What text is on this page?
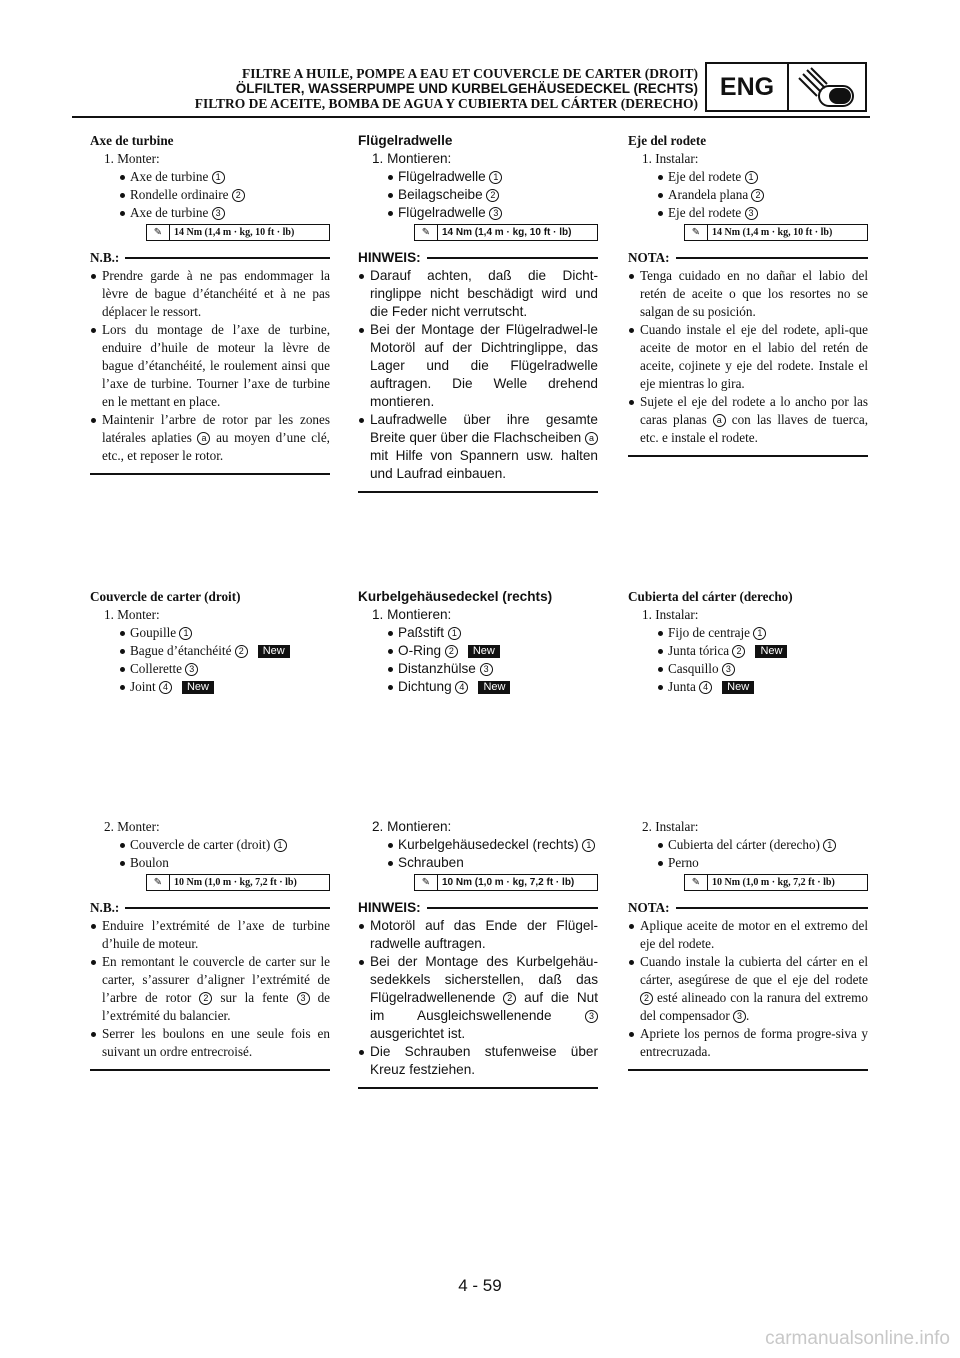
FILTRE A HUILE, POMPE A EAU ET COUVERCLE DE CARTER (DROIT)
ÖLFILTER, WASSERPUMPE UND KURBELGEHÄUSEDECKEL (RECHTS)
FILTRO DE ACEITE, BOMBA DE AGUA Y CUBIERTA DEL CÁRTER (DERECHO)
ENG
Axe de turbine
1. Monter:
Axe de turbine 1
Rondelle ordinaire 2
Axe de turbine 3
✎	14 Nm (1,4 m · kg, 10 ft · lb)
N.B.:
Prendre garde à ne pas endommager la lèvre de bague d’étanchéité et à ne pas déplacer le ressort.
Lors du montage de l’axe de turbine, enduire d’huile de moteur la lèvre de bague d’étanchéité, le roulement ainsi que l’axe de turbine. Tourner l’axe de turbine en le mettant en place.
Maintenir l’arbre de rotor par les zones latérales aplaties a au moyen d’une clé, etc., et reposer le rotor.
Couvercle de carter (droit)
1. Monter:
Goupille 1
Bague d’étanchéité 2 New
Collerette 3
Joint 4 New
2. Monter:
Couvercle de carter (droit) 1
Boulon
✎	10 Nm (1,0 m · kg, 7,2 ft · lb)
N.B.:
Enduire l’extrémité de l’axe de turbine d’huile de moteur.
En remontant le couvercle de carter sur le carter, s’assurer d’aligner l’extrémité de l’arbre de rotor 2 sur la fente 3 de l’extrémité du balancier.
Serrer les boulons en une seule fois en suivant un ordre entrecroisé.
Flügelradwelle
1. Montieren:
Flügelradwelle 1
Beilagscheibe 2
Flügelradwelle 3
✎	14 Nm (1,4 m · kg, 10 ft · lb)
HINWEIS:
Darauf achten, daß die Dicht-ringlippe nicht beschädigt wird und die Feder nicht verrutscht.
Bei der Montage der Flügelradwel-le Motoröl auf der Dichtringlippe, das Lager und die Flügelradwelle auftragen. Die Welle drehend montieren.
Laufradwelle über ihre gesamte Breite quer über die Flachscheiben a mit Hilfe von Spannern usw. halten und Laufrad einbauen.
Kurbelgehäusedeckel (rechts)
1. Montieren:
Paßstift 1
O-Ring 2 New
Distanzhülse 3
Dichtung 4 New
2. Montieren:
Kurbelgehäusedeckel (rechts) 1
Schrauben
✎	10 Nm (1,0 m · kg, 7,2 ft · lb)
HINWEIS:
Motoröl auf das Ende der Flügel-radwelle auftragen.
Bei der Montage des Kurbelgehäu-sedekkels sicherstellen, daß das Flügelradwellenende 2 auf die Nut im Ausgleichswellenende	3 ausgerichtet ist.
Die Schrauben stufenweise über Kreuz festziehen.
Eje del rodete
1. Instalar:
Eje del rodete 1
Arandela plana 2
Eje del rodete 3
✎	14 Nm (1,4 m · kg, 10 ft · lb)
NOTA:
Tenga cuidado en no dañar el labio del retén de aceite o que los resortes no se salgan de su posición.
Cuando instale el eje del rodete, apli-que aceite de motor en el labio del retén de aceite, cojinete y eje del rodete. Instale el eje mientras lo gira.
Sujete el eje del rodete a lo ancho por las caras planas a con las llaves de tuerca, etc. e instale el rodete.
Cubierta del cárter (derecho)
1. Instalar:
Fijo de centraje 1
Junta tórica 2 New
Casquillo 3
Junta 4 New
2. Instalar:
Cubierta del cárter (derecho) 1
Perno
✎	10 Nm (1,0 m · kg, 7,2 ft · lb)
NOTA:
Aplique aceite de motor en el extremo del eje del rodete.
Cuando instale la cubierta del cárter en el cárter, asegúrese de que el eje del rodete 2 esté alineado con la ranura del extremo del compensador 3 .
Apriete los pernos de forma progre-siva y entrecruzada.
4 - 59
carmanualsonline.info
